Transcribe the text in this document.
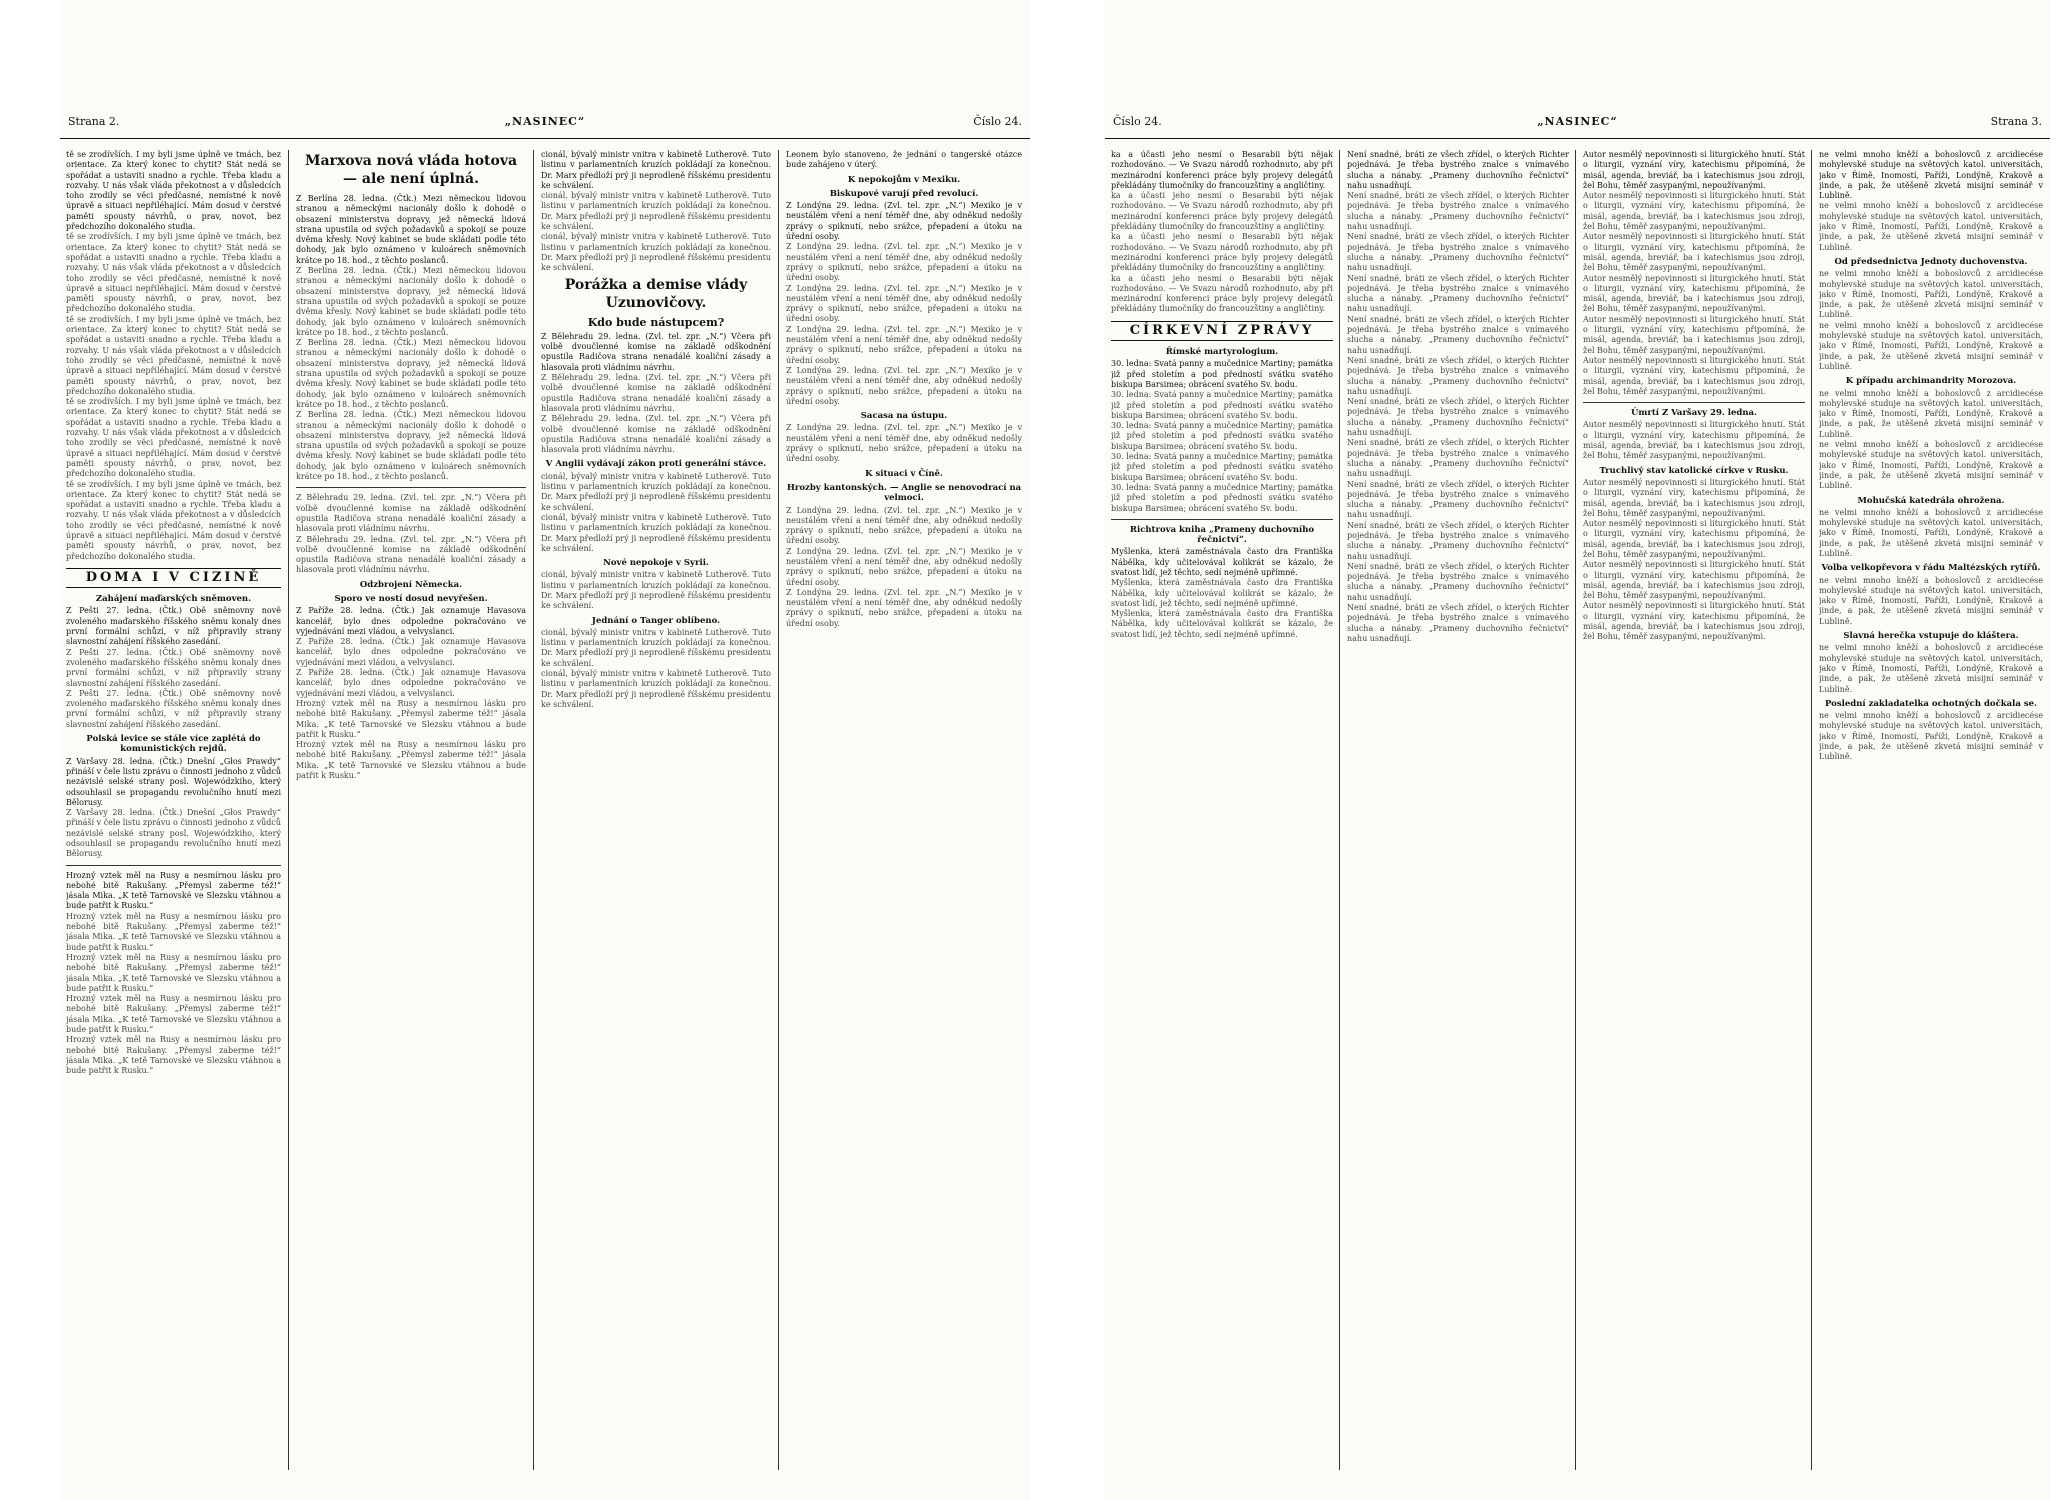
Strana 2.	„NASINEC“	Číslo 24.

tě se zrodívších. I my byli jsme úplně ve tmách, bez orientace. Za který konec to chytit? Stát nedá se spořádat a ustaviti snadno a rychle. Třeba kladu a rozvahy. U nás však vláda překotnost a v důsledcích toho zrodily se věci předčasné, nemístné k nově úpravě a situaci nepřiléhající. Mám dosud v čerstvé paměti spousty návrhů, o prav, novot, bez předchozího dokonalého studia.

tě se zrodívších. I my byli jsme úplně ve tmách, bez orientace. Za který konec to chytit? Stát nedá se spořádat a ustaviti snadno a rychle. Třeba kladu a rozvahy. U nás však vláda překotnost a v důsledcích toho zrodily se věci předčasné, nemístné k nově úpravě a situaci nepřiléhající. Mám dosud v čerstvé paměti spousty návrhů, o prav, novot, bez předchozího dokonalého studia.

tě se zrodívších. I my byli jsme úplně ve tmách, bez orientace. Za který konec to chytit? Stát nedá se spořádat a ustaviti snadno a rychle. Třeba kladu a rozvahy. U nás však vláda překotnost a v důsledcích toho zrodily se věci předčasné, nemístné k nově úpravě a situaci nepřiléhající. Mám dosud v čerstvé paměti spousty návrhů, o prav, novot, bez předchozího dokonalého studia.

tě se zrodívších. I my byli jsme úplně ve tmách, bez orientace. Za který konec to chytit? Stát nedá se spořádat a ustaviti snadno a rychle. Třeba kladu a rozvahy. U nás však vláda překotnost a v důsledcích toho zrodily se věci předčasné, nemístné k nově úpravě a situaci nepřiléhající. Mám dosud v čerstvé paměti spousty návrhů, o prav, novot, bez předchozího dokonalého studia.

tě se zrodívších. I my byli jsme úplně ve tmách, bez orientace. Za který konec to chytit? Stát nedá se spořádat a ustaviti snadno a rychle. Třeba kladu a rozvahy. U nás však vláda překotnost a v důsledcích toho zrodily se věci předčasné, nemístné k nově úpravě a situaci nepřiléhající. Mám dosud v čerstvé paměti spousty návrhů, o prav, novot, bez předchozího dokonalého studia.

DOMA I V CIZINĚ
Zahájení maďarských sněmoven.

Z Pešti 27. ledna. (Čtk.) Obě sněmovny nově zvoleného maďarského říšského sněmu konaly dnes první formální schůzi, v níž připravily strany slavnostní zahájení říšského zasedání.

Z Pešti 27. ledna. (Čtk.) Obě sněmovny nově zvoleného maďarského říšského sněmu konaly dnes první formální schůzi, v níž připravily strany slavnostní zahájení říšského zasedání.

Z Pešti 27. ledna. (Čtk.) Obě sněmovny nově zvoleného maďarského říšského sněmu konaly dnes první formální schůzi, v níž připravily strany slavnostní zahájení říšského zasedání.

Polská levice se stále více zaplétá do komunistických rejdů.

Z Varšavy 28. ledna. (Čtk.) Dnešní „Głos Prawdy“ přináší v čele listu zprávu o činnosti jednoho z vůdců nezávislé selské strany posl. Wojewódzkiho, který odsouhlasil se propagandu revolučního hnutí mezi Bělorusy.

Z Varšavy 28. ledna. (Čtk.) Dnešní „Głos Prawdy“ přináší v čele listu zprávu o činnosti jednoho z vůdců nezávislé selské strany posl. Wojewódzkiho, který odsouhlasil se propagandu revolučního hnutí mezi Bělorusy.

Hrozný vztek měl na Rusy a nesmírnou lásku pro nebohé bitě Rakušany. „Přemysl zaberme též!“ jásala Mika. „K tetě Tarnovské ve Slezsku vtáhnou a bude patřit k Rusku.“

Hrozný vztek měl na Rusy a nesmírnou lásku pro nebohé bitě Rakušany. „Přemysl zaberme též!“ jásala Mika. „K tetě Tarnovské ve Slezsku vtáhnou a bude patřit k Rusku.“

Hrozný vztek měl na Rusy a nesmírnou lásku pro nebohé bitě Rakušany. „Přemysl zaberme též!“ jásala Mika. „K tetě Tarnovské ve Slezsku vtáhnou a bude patřit k Rusku.“

Hrozný vztek měl na Rusy a nesmírnou lásku pro nebohé bitě Rakušany. „Přemysl zaberme též!“ jásala Mika. „K tetě Tarnovské ve Slezsku vtáhnou a bude patřit k Rusku.“

Hrozný vztek měl na Rusy a nesmírnou lásku pro nebohé bitě Rakušany. „Přemysl zaberme též!“ jásala Mika. „K tetě Tarnovské ve Slezsku vtáhnou a bude patřit k Rusku.“

Marxova nová vláda hotova — ale není úplná.

Z Berlína 28. ledna. (Čtk.) Mezi německou lidovou stranou a německými nacionály došlo k dohodě o obsazení ministerstva dopravy, jež německá lidová strana upustila od svých požadavků a spokojí se pouze dvěma křesly. Nový kabinet se bude skládati podle této dohody, jak bylo oznámeno v kuloárech sněmovních krátce po 18. hod., z těchto poslanců.

Z Berlína 28. ledna. (Čtk.) Mezi německou lidovou stranou a německými nacionály došlo k dohodě o obsazení ministerstva dopravy, jež německá lidová strana upustila od svých požadavků a spokojí se pouze dvěma křesly. Nový kabinet se bude skládati podle této dohody, jak bylo oznámeno v kuloárech sněmovních krátce po 18. hod., z těchto poslanců.

Z Berlína 28. ledna. (Čtk.) Mezi německou lidovou stranou a německými nacionály došlo k dohodě o obsazení ministerstva dopravy, jež německá lidová strana upustila od svých požadavků a spokojí se pouze dvěma křesly. Nový kabinet se bude skládati podle této dohody, jak bylo oznámeno v kuloárech sněmovních krátce po 18. hod., z těchto poslanců.

Z Berlína 28. ledna. (Čtk.) Mezi německou lidovou stranou a německými nacionály došlo k dohodě o obsazení ministerstva dopravy, jež německá lidová strana upustila od svých požadavků a spokojí se pouze dvěma křesly. Nový kabinet se bude skládati podle této dohody, jak bylo oznámeno v kuloárech sněmovních krátce po 18. hod., z těchto poslanců.

Z Bělehradu 29. ledna. (Zvl. tel. zpr. „N.“) Včera při volbě dvoučlenné komise na základě odškodnění opustila Radičova strana nenadálé koaliční zásady a hlasovala proti vládnímu návrhu.

Z Bělehradu 29. ledna. (Zvl. tel. zpr. „N.“) Včera při volbě dvoučlenné komise na základě odškodnění opustila Radičova strana nenadálé koaliční zásady a hlasovala proti vládnímu návrhu.

Odzbrojení Německa.
Sporo ve ností dosud nevyřešen.

Z Paříže 28. ledna. (Čtk.) Jak oznamuje Havasova kancelář, bylo dnes odpoledne pokračováno ve vyjednávání mezi vládou, a velvyslanci.

Z Paříže 28. ledna. (Čtk.) Jak oznamuje Havasova kancelář, bylo dnes odpoledne pokračováno ve vyjednávání mezi vládou, a velvyslanci.

Z Paříže 28. ledna. (Čtk.) Jak oznamuje Havasova kancelář, bylo dnes odpoledne pokračováno ve vyjednávání mezi vládou, a velvyslanci.

Hrozný vztek měl na Rusy a nesmírnou lásku pro nebohé bitě Rakušany. „Přemysl zaberme též!“ jásala Mika. „K tetě Tarnovské ve Slezsku vtáhnou a bude patřit k Rusku.“

Hrozný vztek měl na Rusy a nesmírnou lásku pro nebohé bitě Rakušany. „Přemysl zaberme též!“ jásala Mika. „K tetě Tarnovské ve Slezsku vtáhnou a bude patřit k Rusku.“

cionál, bývalý ministr vnitra v kabinetě Lutherově. Tuto listinu v parlamentních kruzích pokládají za konečnou. Dr. Marx předloží prý ji neprodleně říšskému presidentu ke schválení.

cionál, bývalý ministr vnitra v kabinetě Lutherově. Tuto listinu v parlamentních kruzích pokládají za konečnou. Dr. Marx předloží prý ji neprodleně říšskému presidentu ke schválení.

cionál, bývalý ministr vnitra v kabinetě Lutherově. Tuto listinu v parlamentních kruzích pokládají za konečnou. Dr. Marx předloží prý ji neprodleně říšskému presidentu ke schválení.

Porážka a demise vlády Uzunovičovy.
Kdo bude nástupcem?

Z Bělehradu 29. ledna. (Zvl. tel. zpr. „N.“) Včera při volbě dvoučlenné komise na základě odškodnění opustila Radičova strana nenadálé koaliční zásady a hlasovala proti vládnímu návrhu.

Z Bělehradu 29. ledna. (Zvl. tel. zpr. „N.“) Včera při volbě dvoučlenné komise na základě odškodnění opustila Radičova strana nenadálé koaliční zásady a hlasovala proti vládnímu návrhu.

Z Bělehradu 29. ledna. (Zvl. tel. zpr. „N.“) Včera při volbě dvoučlenné komise na základě odškodnění opustila Radičova strana nenadálé koaliční zásady a hlasovala proti vládnímu návrhu.

V Anglii vydávají zákon proti generální stávce.

cionál, bývalý ministr vnitra v kabinetě Lutherově. Tuto listinu v parlamentních kruzích pokládají za konečnou. Dr. Marx předloží prý ji neprodleně říšskému presidentu ke schválení.

cionál, bývalý ministr vnitra v kabinetě Lutherově. Tuto listinu v parlamentních kruzích pokládají za konečnou. Dr. Marx předloží prý ji neprodleně říšskému presidentu ke schválení.

Nové nepokoje v Syrii.

cionál, bývalý ministr vnitra v kabinetě Lutherově. Tuto listinu v parlamentních kruzích pokládají za konečnou. Dr. Marx předloží prý ji neprodleně říšskému presidentu ke schválení.

Jednání o Tanger oblíbeno.

cionál, bývalý ministr vnitra v kabinetě Lutherově. Tuto listinu v parlamentních kruzích pokládají za konečnou. Dr. Marx předloží prý ji neprodleně říšskému presidentu ke schválení.

cionál, bývalý ministr vnitra v kabinetě Lutherově. Tuto listinu v parlamentních kruzích pokládají za konečnou. Dr. Marx předloží prý ji neprodleně říšskému presidentu ke schválení.

Leonem bylo stanoveno, že jednání o tangerské otázce bude zahájeno v úterý.

K nepokojům v Mexiku.
Biskupové varují před revolucí.

Z Londýna 29. ledna. (Zvl. tel. zpr. „N.“) Mexiko je v neustálém vření a není téměř dne, aby odněkud nedošly zprávy o spiknutí, nebo srážce, přepadení a útoku na úřední osoby.

Z Londýna 29. ledna. (Zvl. tel. zpr. „N.“) Mexiko je v neustálém vření a není téměř dne, aby odněkud nedošly zprávy o spiknutí, nebo srážce, přepadení a útoku na úřední osoby.

Z Londýna 29. ledna. (Zvl. tel. zpr. „N.“) Mexiko je v neustálém vření a není téměř dne, aby odněkud nedošly zprávy o spiknutí, nebo srážce, přepadení a útoku na úřední osoby.

Z Londýna 29. ledna. (Zvl. tel. zpr. „N.“) Mexiko je v neustálém vření a není téměř dne, aby odněkud nedošly zprávy o spiknutí, nebo srážce, přepadení a útoku na úřední osoby.

Z Londýna 29. ledna. (Zvl. tel. zpr. „N.“) Mexiko je v neustálém vření a není téměř dne, aby odněkud nedošly zprávy o spiknutí, nebo srážce, přepadení a útoku na úřední osoby.

Sacasa na ústupu.

Z Londýna 29. ledna. (Zvl. tel. zpr. „N.“) Mexiko je v neustálém vření a není téměř dne, aby odněkud nedošly zprávy o spiknutí, nebo srážce, přepadení a útoku na úřední osoby.

K situaci v Číně.
Hrozby kantonských. — Anglie se nenovodrací na velmoci.

Z Londýna 29. ledna. (Zvl. tel. zpr. „N.“) Mexiko je v neustálém vření a není téměř dne, aby odněkud nedošly zprávy o spiknutí, nebo srážce, přepadení a útoku na úřední osoby.

Z Londýna 29. ledna. (Zvl. tel. zpr. „N.“) Mexiko je v neustálém vření a není téměř dne, aby odněkud nedošly zprávy o spiknutí, nebo srážce, přepadení a útoku na úřední osoby.

Z Londýna 29. ledna. (Zvl. tel. zpr. „N.“) Mexiko je v neustálém vření a není téměř dne, aby odněkud nedošly zprávy o spiknutí, nebo srážce, přepadení a útoku na úřední osoby.

Číslo 24.	„NASINEC“	Strana 3.

ka a účasti jeho nesmí o Besarabii býti nějak rozhodováno. — Ve Svazu národů rozhodnuto, aby při mezinárodní konferenci práce byly projevy delegátů překládány tlumočníky do francouzštiny a angličtiny.

ka a účasti jeho nesmí o Besarabii býti nějak rozhodováno. — Ve Svazu národů rozhodnuto, aby při mezinárodní konferenci práce byly projevy delegátů překládány tlumočníky do francouzštiny a angličtiny.

ka a účasti jeho nesmí o Besarabii býti nějak rozhodováno. — Ve Svazu národů rozhodnuto, aby při mezinárodní konferenci práce byly projevy delegátů překládány tlumočníky do francouzštiny a angličtiny.

ka a účasti jeho nesmí o Besarabii býti nějak rozhodováno. — Ve Svazu národů rozhodnuto, aby při mezinárodní konferenci práce byly projevy delegátů překládány tlumočníky do francouzštiny a angličtiny.

CÍRKEVNÍ ZPRÁVY
Římské martyrologium.

30. ledna: Svatá panny a mučednice Martiny; památka již před stoletím a pod předností svátku svatého biskupa Barsimea; obrácení svatého Sv. bodu.

30. ledna: Svatá panny a mučednice Martiny; památka již před stoletím a pod předností svátku svatého biskupa Barsimea; obrácení svatého Sv. bodu.

30. ledna: Svatá panny a mučednice Martiny; památka již před stoletím a pod předností svátku svatého biskupa Barsimea; obrácení svatého Sv. bodu.

30. ledna: Svatá panny a mučednice Martiny; památka již před stoletím a pod předností svátku svatého biskupa Barsimea; obrácení svatého Sv. bodu.

30. ledna: Svatá panny a mučednice Martiny; památka již před stoletím a pod předností svátku svatého biskupa Barsimea; obrácení svatého Sv. bodu.

Richtrova kniha „Prameny duchovního řečnictví“.

Myšlenka, která zaměstnávala často dra Františka Nábělka, kdy učitelovával kolikrát se kázalo, že svatost lidí, jež těchto, sedí nejméně upřímné.

Myšlenka, která zaměstnávala často dra Františka Nábělka, kdy učitelovával kolikrát se kázalo, že svatost lidí, jež těchto, sedí nejméně upřímné.

Myšlenka, která zaměstnávala často dra Františka Nábělka, kdy učitelovával kolikrát se kázalo, že svatost lidí, jež těchto, sedí nejméně upřímné.

Není snadné, bráti ze všech zřídel, o kterých Richter pojednává. Je třeba bystrého znalce s vnímavého slucha a nánaby. „Prameny duchovního řečnictví“ nahu usnadňují.

Není snadné, bráti ze všech zřídel, o kterých Richter pojednává. Je třeba bystrého znalce s vnímavého slucha a nánaby. „Prameny duchovního řečnictví“ nahu usnadňují.

Není snadné, bráti ze všech zřídel, o kterých Richter pojednává. Je třeba bystrého znalce s vnímavého slucha a nánaby. „Prameny duchovního řečnictví“ nahu usnadňují.

Není snadné, bráti ze všech zřídel, o kterých Richter pojednává. Je třeba bystrého znalce s vnímavého slucha a nánaby. „Prameny duchovního řečnictví“ nahu usnadňují.

Není snadné, bráti ze všech zřídel, o kterých Richter pojednává. Je třeba bystrého znalce s vnímavého slucha a nánaby. „Prameny duchovního řečnictví“ nahu usnadňují.

Není snadné, bráti ze všech zřídel, o kterých Richter pojednává. Je třeba bystrého znalce s vnímavého slucha a nánaby. „Prameny duchovního řečnictví“ nahu usnadňují.

Není snadné, bráti ze všech zřídel, o kterých Richter pojednává. Je třeba bystrého znalce s vnímavého slucha a nánaby. „Prameny duchovního řečnictví“ nahu usnadňují.

Není snadné, bráti ze všech zřídel, o kterých Richter pojednává. Je třeba bystrého znalce s vnímavého slucha a nánaby. „Prameny duchovního řečnictví“ nahu usnadňují.

Není snadné, bráti ze všech zřídel, o kterých Richter pojednává. Je třeba bystrého znalce s vnímavého slucha a nánaby. „Prameny duchovního řečnictví“ nahu usnadňují.

Není snadné, bráti ze všech zřídel, o kterých Richter pojednává. Je třeba bystrého znalce s vnímavého slucha a nánaby. „Prameny duchovního řečnictví“ nahu usnadňují.

Není snadné, bráti ze všech zřídel, o kterých Richter pojednává. Je třeba bystrého znalce s vnímavého slucha a nánaby. „Prameny duchovního řečnictví“ nahu usnadňují.

Není snadné, bráti ze všech zřídel, o kterých Richter pojednává. Je třeba bystrého znalce s vnímavého slucha a nánaby. „Prameny duchovního řečnictví“ nahu usnadňují.

Autor nesmělý nepovinnosti si liturgického hnutí. Stát o liturgii, vyznání víry, katechismu připomíná, že misál, agenda, breviář, ba i katechismus jsou zdroji, žel Bohu, těměř zasypanými, nepoužívanými.

Autor nesmělý nepovinnosti si liturgického hnutí. Stát o liturgii, vyznání víry, katechismu připomíná, že misál, agenda, breviář, ba i katechismus jsou zdroji, žel Bohu, těměř zasypanými, nepoužívanými.

Autor nesmělý nepovinnosti si liturgického hnutí. Stát o liturgii, vyznání víry, katechismu připomíná, že misál, agenda, breviář, ba i katechismus jsou zdroji, žel Bohu, těměř zasypanými, nepoužívanými.

Autor nesmělý nepovinnosti si liturgického hnutí. Stát o liturgii, vyznání víry, katechismu připomíná, že misál, agenda, breviář, ba i katechismus jsou zdroji, žel Bohu, těměř zasypanými, nepoužívanými.

Autor nesmělý nepovinnosti si liturgického hnutí. Stát o liturgii, vyznání víry, katechismu připomíná, že misál, agenda, breviář, ba i katechismus jsou zdroji, žel Bohu, těměř zasypanými, nepoužívanými.

Autor nesmělý nepovinnosti si liturgického hnutí. Stát o liturgii, vyznání víry, katechismu připomíná, že misál, agenda, breviář, ba i katechismus jsou zdroji, žel Bohu, těměř zasypanými, nepoužívanými.

Úmrtí Z Varšavy 29. ledna.

Autor nesmělý nepovinnosti si liturgického hnutí. Stát o liturgii, vyznání víry, katechismu připomíná, že misál, agenda, breviář, ba i katechismus jsou zdroji, žel Bohu, těměř zasypanými, nepoužívanými.

Truchlivý stav katolické církve v Rusku.

Autor nesmělý nepovinnosti si liturgického hnutí. Stát o liturgii, vyznání víry, katechismu připomíná, že misál, agenda, breviář, ba i katechismus jsou zdroji, žel Bohu, těměř zasypanými, nepoužívanými.

Autor nesmělý nepovinnosti si liturgického hnutí. Stát o liturgii, vyznání víry, katechismu připomíná, že misál, agenda, breviář, ba i katechismus jsou zdroji, žel Bohu, těměř zasypanými, nepoužívanými.

Autor nesmělý nepovinnosti si liturgického hnutí. Stát o liturgii, vyznání víry, katechismu připomíná, že misál, agenda, breviář, ba i katechismus jsou zdroji, žel Bohu, těměř zasypanými, nepoužívanými.

Autor nesmělý nepovinnosti si liturgického hnutí. Stát o liturgii, vyznání víry, katechismu připomíná, že misál, agenda, breviář, ba i katechismus jsou zdroji, žel Bohu, těměř zasypanými, nepoužívanými.

ne velmi mnoho kněží a bohoslovců z arcidiecése mohylevské studuje na světových katol. universitách, jako v Římě, Inomostí, Paříži, Londýně, Krakově a jinde, a pak, že utěšeně zkvetá misijní seminář v Lublině.

ne velmi mnoho kněží a bohoslovců z arcidiecése mohylevské studuje na světových katol. universitách, jako v Římě, Inomostí, Paříži, Londýně, Krakově a jinde, a pak, že utěšeně zkvetá misijní seminář v Lublině.

Od předsednictva Jednoty duchovenstva.

ne velmi mnoho kněží a bohoslovců z arcidiecése mohylevské studuje na světových katol. universitách, jako v Římě, Inomostí, Paříži, Londýně, Krakově a jinde, a pak, že utěšeně zkvetá misijní seminář v Lublině.

ne velmi mnoho kněží a bohoslovců z arcidiecése mohylevské studuje na světových katol. universitách, jako v Římě, Inomostí, Paříži, Londýně, Krakově a jinde, a pak, že utěšeně zkvetá misijní seminář v Lublině.

K případu archimandrity Morozova.

ne velmi mnoho kněží a bohoslovců z arcidiecése mohylevské studuje na světových katol. universitách, jako v Římě, Inomostí, Paříži, Londýně, Krakově a jinde, a pak, že utěšeně zkvetá misijní seminář v Lublině.

ne velmi mnoho kněží a bohoslovců z arcidiecése mohylevské studuje na světových katol. universitách, jako v Římě, Inomostí, Paříži, Londýně, Krakově a jinde, a pak, že utěšeně zkvetá misijní seminář v Lublině.

Mohučská katedrála ohrožena.

ne velmi mnoho kněží a bohoslovců z arcidiecése mohylevské studuje na světových katol. universitách, jako v Římě, Inomostí, Paříži, Londýně, Krakově a jinde, a pak, že utěšeně zkvetá misijní seminář v Lublině.

Volba velkopřevora v řádu Maltézských rytířů.

ne velmi mnoho kněží a bohoslovců z arcidiecése mohylevské studuje na světových katol. universitách, jako v Římě, Inomostí, Paříži, Londýně, Krakově a jinde, a pak, že utěšeně zkvetá misijní seminář v Lublině.

Slavná herečka vstupuje do kláštera.

ne velmi mnoho kněží a bohoslovců z arcidiecése mohylevské studuje na světových katol. universitách, jako v Římě, Inomostí, Paříži, Londýně, Krakově a jinde, a pak, že utěšeně zkvetá misijní seminář v Lublině.

Poslední zakladatelka ochotných dočkala se.

ne velmi mnoho kněží a bohoslovců z arcidiecése mohylevské studuje na světových katol. universitách, jako v Římě, Inomostí, Paříži, Londýně, Krakově a jinde, a pak, že utěšeně zkvetá misijní seminář v Lublině.
